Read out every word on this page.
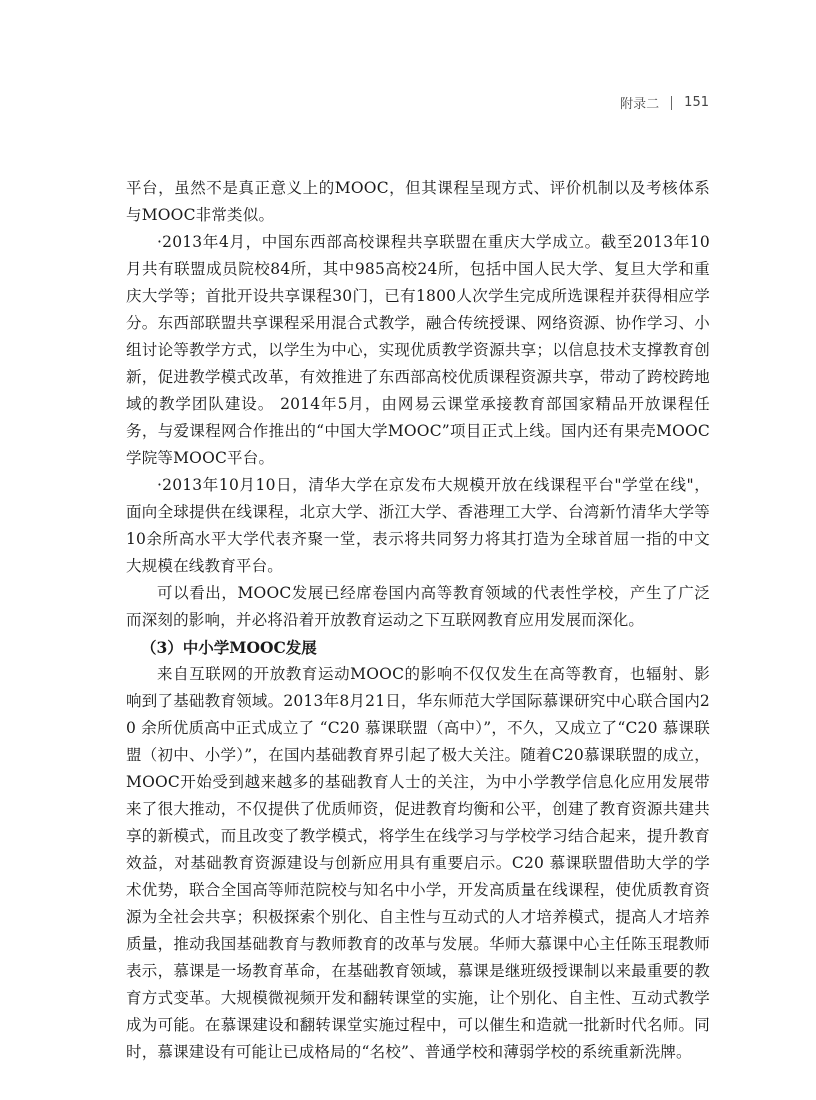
附录二 151

平台，虽然不是真正意义上的MOOC，但其课程呈现方式、评价机制以及考核体系与MOOC非常类似。

·2013年4月，中国东西部高校课程共享联盟在重庆大学成立。截至2013年10月共有联盟成员院校84所，其中985高校24所，包括中国人民大学、复旦大学和重庆大学等；首批开设共享课程30门，已有1800人次学生完成所选课程并获得相应学分。东西部联盟共享课程采用混合式教学，融合传统授课、网络资源、协作学习、小组讨论等教学方式，以学生为中心，实现优质教学资源共享；以信息技术支撑教育创新，促进教学模式改革，有效推进了东西部高校优质课程资源共享，带动了跨校跨地域的教学团队建设。 2014年5月，由网易云课堂承接教育部国家精品开放课程任务，与爱课程网合作推出的“中国大学MOOC”项目正式上线。国内还有果壳MOOC学院等MOOC平台。

·2013年10月10日，清华大学在京发布大规模开放在线课程平台"学堂在线"，面向全球提供在线课程，北京大学、浙江大学、香港理工大学、台湾新竹清华大学等10余所高水平大学代表齐聚一堂，表示将共同努力将其打造为全球首屈一指的中文大规模在线教育平台。

可以看出，MOOC发展已经席卷国内高等教育领域的代表性学校，产生了广泛而深刻的影响，并必将沿着开放教育运动之下互联网教育应用发展而深化。

（3）中小学MOOC发展

来自互联网的开放教育运动MOOC的影响不仅仅发生在高等教育，也辐射、影响到了基础教育领域。2013年8月21日，华东师范大学国际慕课研究中心联合国内20 余所优质高中正式成立了 “C20 慕课联盟（高中）”，不久，又成立了“C20 慕课联盟（初中、小学）”，在国内基础教育界引起了极大关注。随着C20慕课联盟的成立，MOOC开始受到越来越多的基础教育人士的关注，为中小学教学信息化应用发展带来了很大推动，不仅提供了优质师资，促进教育均衡和公平，创建了教育资源共建共享的新模式，而且改变了教学模式，将学生在线学习与学校学习结合起来，提升教育效益，对基础教育资源建设与创新应用具有重要启示。C20 慕课联盟借助大学的学术优势，联合全国高等师范院校与知名中小学，开发高质量在线课程，使优质教育资源为全社会共享；积极探索个别化、自主性与互动式的人才培养模式，提高人才培养质量，推动我国基础教育与教师教育的改革与发展。华师大慕课中心主任陈玉琨教师表示，慕课是一场教育革命，在基础教育领域，慕课是继班级授课制以来最重要的教育方式变革。大规模微视频开发和翻转课堂的实施，让个别化、自主性、互动式教学成为可能。在慕课建设和翻转课堂实施过程中，可以催生和造就一批新时代名师。同时，慕课建设有可能让已成格局的“名校”、普通学校和薄弱学校的系统重新洗牌。
